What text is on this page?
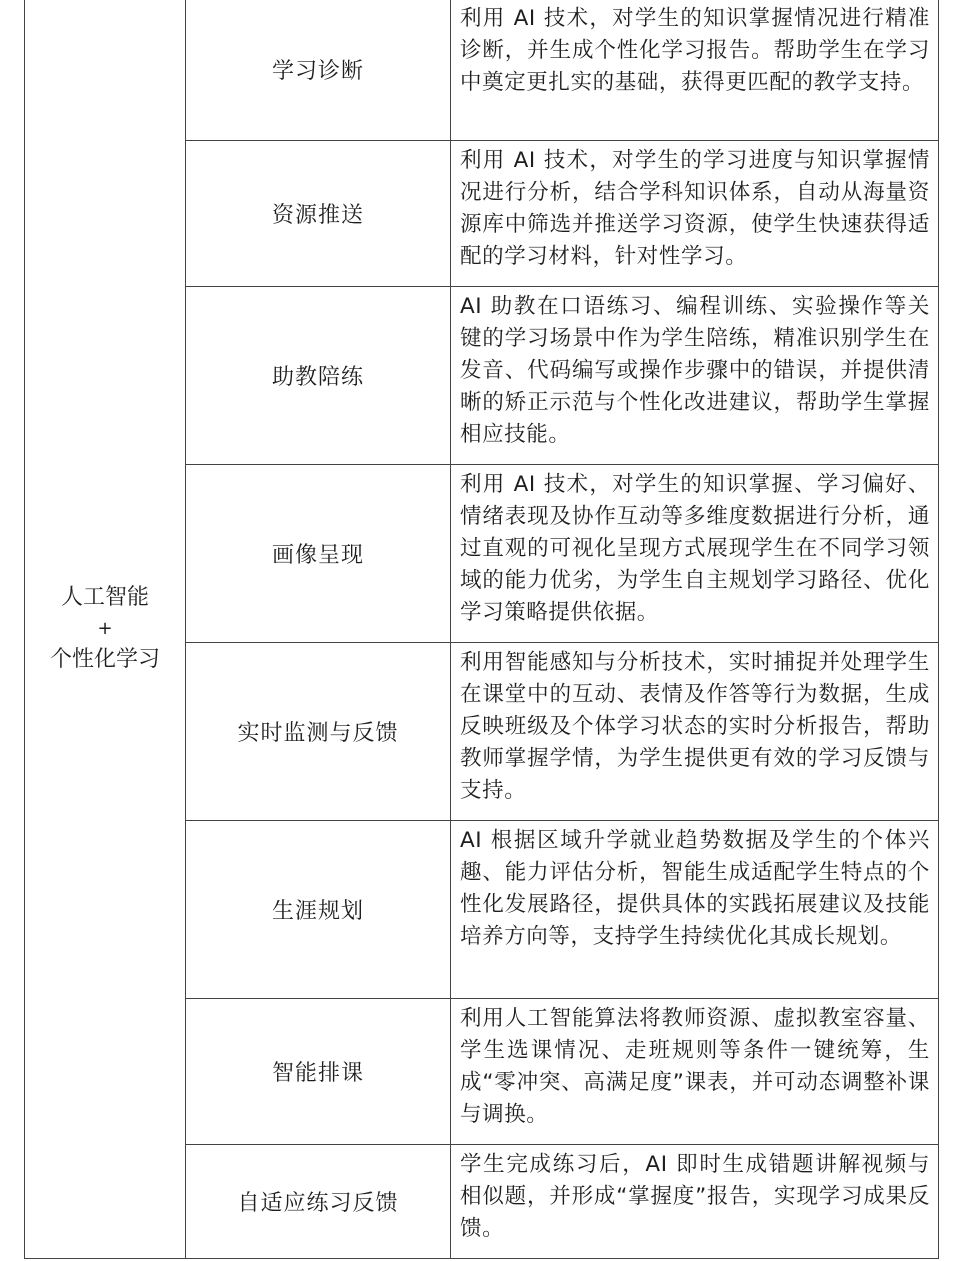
人工智能
+
个性化学习	学习诊断	利用 AI 技术，对学生的知识掌握情况进行精准诊断，并生成个性化学习报告。帮助学生在学习中奠定更扎实的基础，获得更匹配的教学支持。
	资源推送	利用 AI 技术，对学生的学习进度与知识掌握情况进行分析，结合学科知识体系，自动从海量资源库中筛选并推送学习资源，使学生快速获得适配的学习材料，针对性学习。
	助教陪练	AI 助教在口语练习、编程训练、实验操作等关键的学习场景中作为学生陪练，精准识别学生在发音、代码编写或操作步骤中的错误，并提供清晰的矫正示范与个性化改进建议，帮助学生掌握相应技能。
	画像呈现	利用 AI 技术，对学生的知识掌握、学习偏好、情绪表现及协作互动等多维度数据进行分析，通过直观的可视化呈现方式展现学生在不同学习领域的能力优劣，为学生自主规划学习路径、优化学习策略提供依据。
	实时监测与反馈	利用智能感知与分析技术，实时捕捉并处理学生在课堂中的互动、表情及作答等行为数据，生成反映班级及个体学习状态的实时分析报告，帮助教师掌握学情，为学生提供更有效的学习反馈与支持。
	生涯规划	AI 根据区域升学就业趋势数据及学生的个体兴趣、能力评估分析，智能生成适配学生特点的个性化发展路径，提供具体的实践拓展建议及技能培养方向等，支持学生持续优化其成长规划。
	智能排课	利用人工智能算法将教师资源、虚拟教室容量、学生选课情况、走班规则等条件一键统筹，生成“零冲突、高满足度”课表，并可动态调整补课与调换。
	自适应练习反馈	学生完成练习后，AI 即时生成错题讲解视频与相似题，并形成“掌握度”报告，实现学习成果反馈。
